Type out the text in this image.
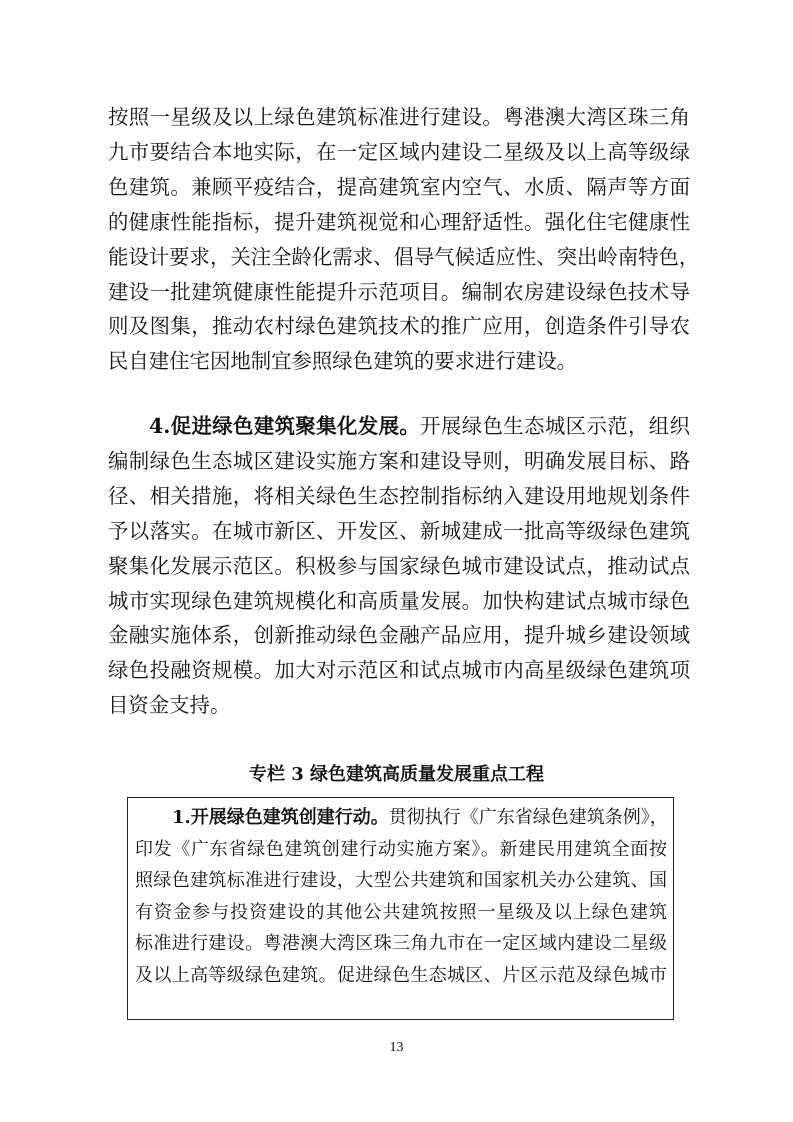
按照一星级及以上绿色建筑标准进行建设。粤港澳大湾区珠三角
九市要结合本地实际，在一定区域内建设二星级及以上高等级绿
色建筑。兼顾平疫结合，提高建筑室内空气、水质、隔声等方面
的健康性能指标，提升建筑视觉和心理舒适性。强化住宅健康性
能设计要求，关注全龄化需求、倡导气候适应性、突出岭南特色，
建设一批建筑健康性能提升示范项目。编制农房建设绿色技术导
则及图集，推动农村绿色建筑技术的推广应用，创造条件引导农
民自建住宅因地制宜参照绿色建筑的要求进行建设。
4.促进绿色建筑聚集化发展。开展绿色生态城区示范，组织
编制绿色生态城区建设实施方案和建设导则，明确发展目标、路
径、相关措施，将相关绿色生态控制指标纳入建设用地规划条件
予以落实。在城市新区、开发区、新城建成一批高等级绿色建筑
聚集化发展示范区。积极参与国家绿色城市建设试点，推动试点
城市实现绿色建筑规模化和高质量发展。加快构建试点城市绿色
金融实施体系，创新推动绿色金融产品应用，提升城乡建设领域
绿色投融资规模。加大对示范区和试点城市内高星级绿色建筑项
目资金支持。
专栏 3 绿色建筑高质量发展重点工程
1.开展绿色建筑创建行动。贯彻执行《广东省绿色建筑条例》，
印发《广东省绿色建筑创建行动实施方案》。新建民用建筑全面按
照绿色建筑标准进行建设，大型公共建筑和国家机关办公建筑、国
有资金参与投资建设的其他公共建筑按照一星级及以上绿色建筑
标准进行建设。粤港澳大湾区珠三角九市在一定区域内建设二星级
及以上高等级绿色建筑。促进绿色生态城区、片区示范及绿色城市
13
